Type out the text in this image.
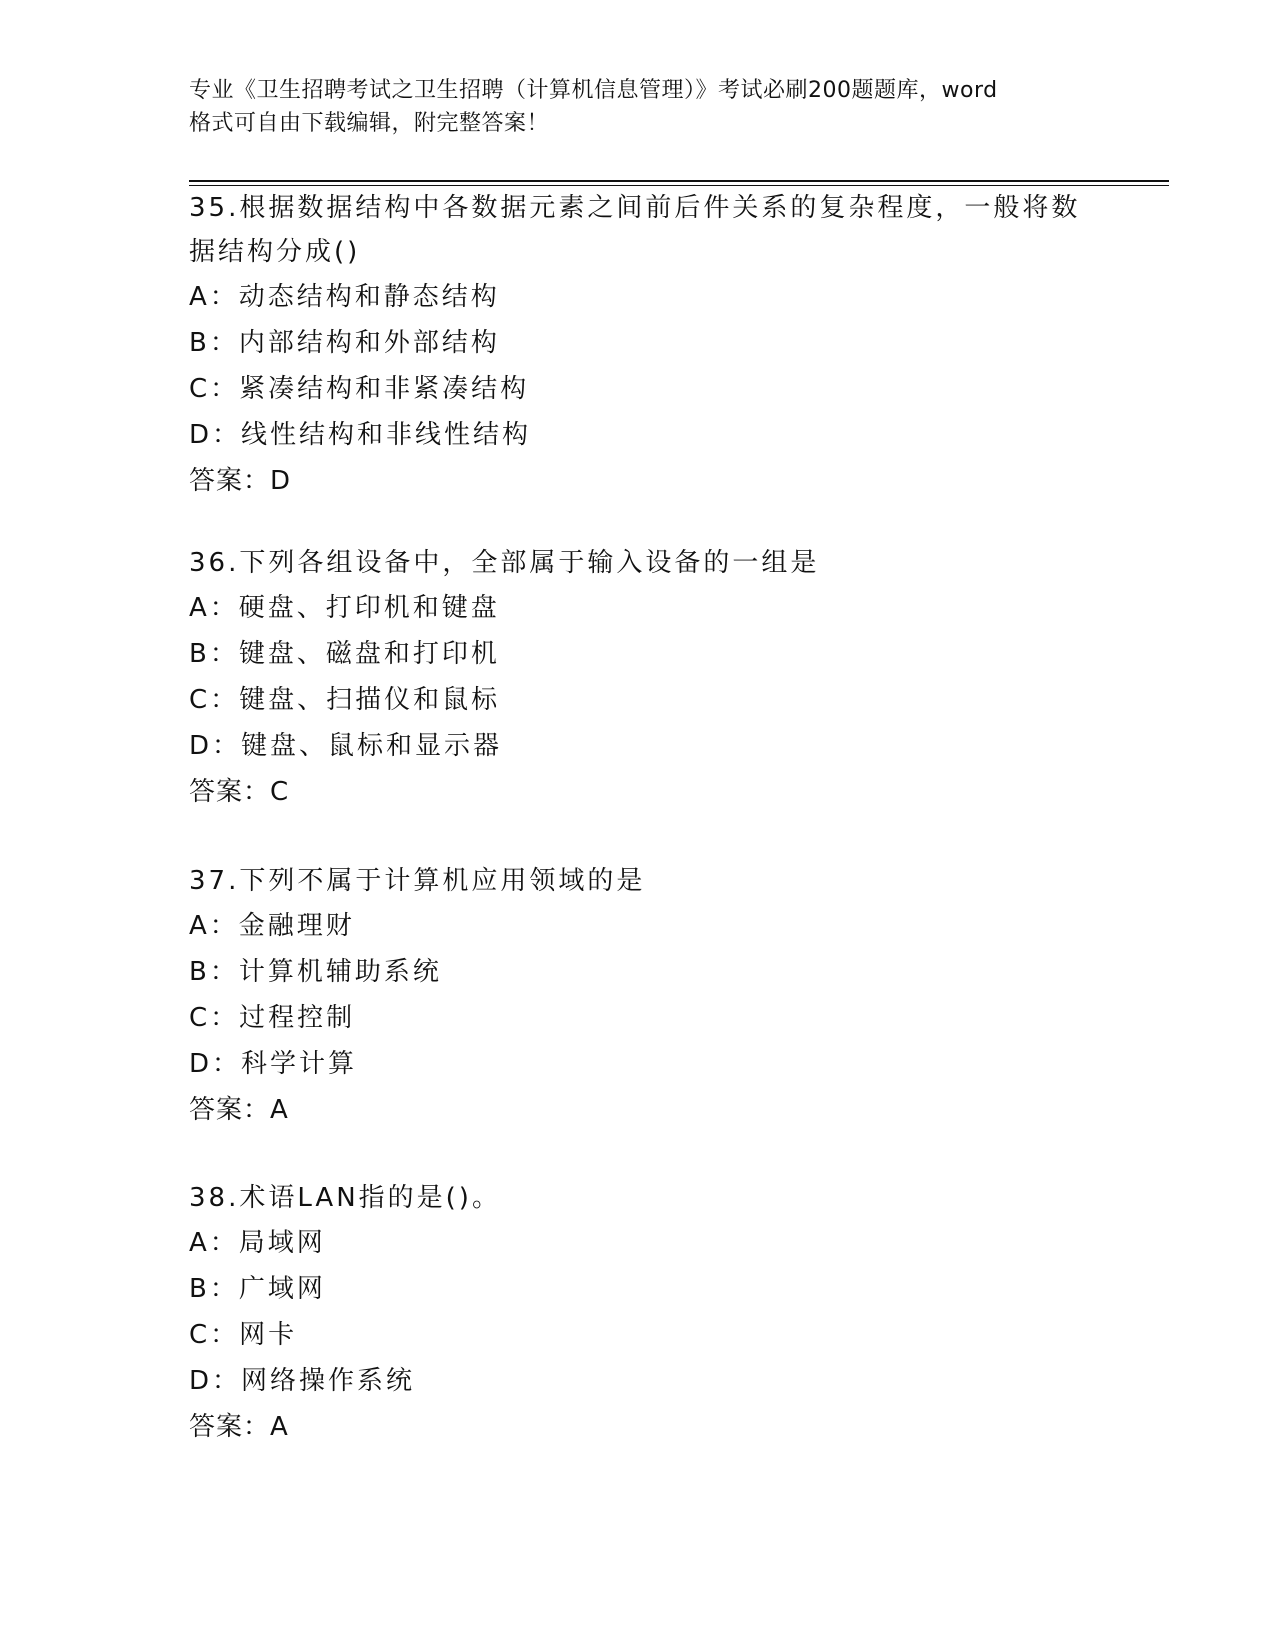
专业《卫生招聘考试之卫生招聘（计算机信息管理）》考试必刷200题题库，word
格式可自由下载编辑，附完整答案！

35.根据数据结构中各数据元素之间前后件关系的复杂程度，一般将数

据结构分成()

A：动态结构和静态结构

B：内部结构和外部结构

C：紧凑结构和非紧凑结构

D：线性结构和非线性结构

答案：D

36.下列各组设备中，全部属于输入设备的一组是

A：硬盘、打印机和键盘

B：键盘、磁盘和打印机

C：键盘、扫描仪和鼠标

D：键盘、鼠标和显示器

答案：C

37.下列不属于计算机应用领域的是

A：金融理财

B：计算机辅助系统

C：过程控制

D：科学计算

答案：A

38.术语LAN指的是()。

A：局域网

B：广域网

C：网卡

D：网络操作系统

答案：A
